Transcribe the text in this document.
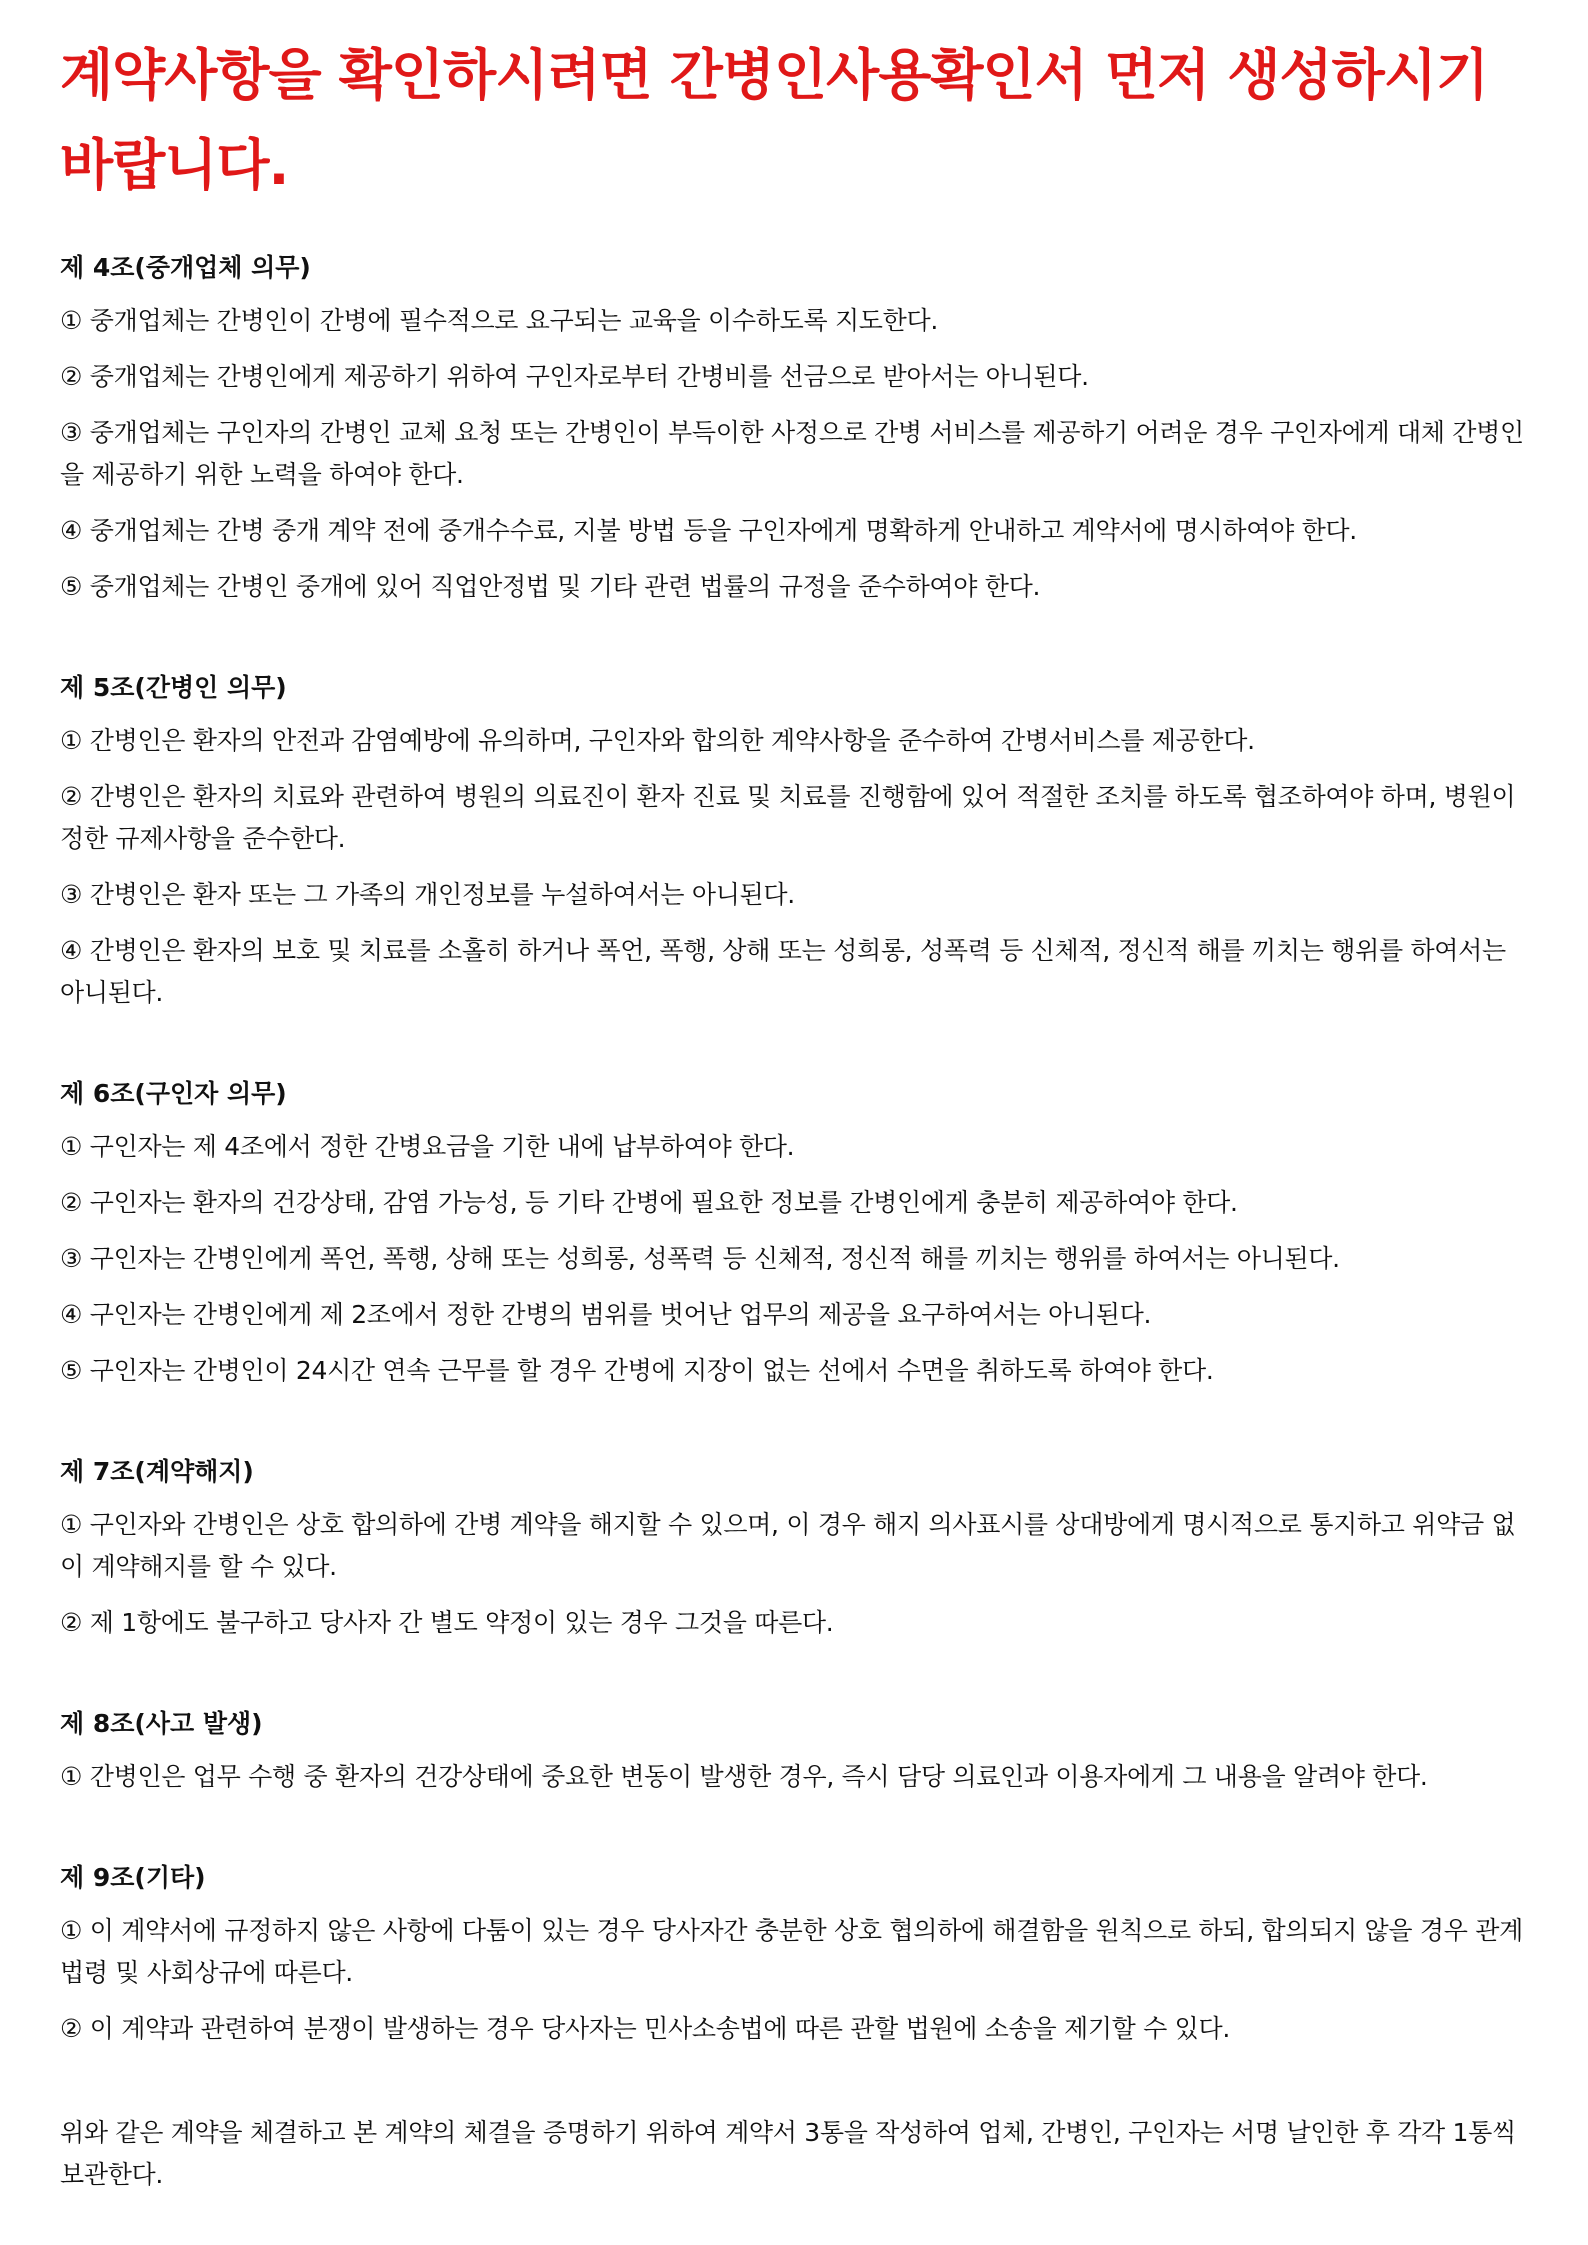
계약사항을 확인하시려면 간병인사용확인서 먼저 생성하시기 바랍니다.
제 4조(중개업체 의무)

① 중개업체는 간병인이 간병에 필수적으로 요구되는 교육을 이수하도록 지도한다.

② 중개업체는 간병인에게 제공하기 위하여 구인자로부터 간병비를 선금으로 받아서는 아니된다.

③ 중개업체는 구인자의 간병인 교체 요청 또는 간병인이 부득이한 사정으로 간병 서비스를 제공하기 어려운 경우 구인자에게 대체 간병인을 제공하기 위한 노력을 하여야 한다.

④ 중개업체는 간병 중개 계약 전에 중개수수료, 지불 방법 등을 구인자에게 명확하게 안내하고 계약서에 명시하여야 한다.

⑤ 중개업체는 간병인 중개에 있어 직업안정법 및 기타 관련 법률의 규정을 준수하여야 한다.

제 5조(간병인 의무)

① 간병인은 환자의 안전과 감염예방에 유의하며, 구인자와 합의한 계약사항을 준수하여 간병서비스를 제공한다.

② 간병인은 환자의 치료와 관련하여 병원의 의료진이 환자 진료 및 치료를 진행함에 있어 적절한 조치를 하도록 협조하여야 하며, 병원이 정한 규제사항을 준수한다.

③ 간병인은 환자 또는 그 가족의 개인정보를 누설하여서는 아니된다.

④ 간병인은 환자의 보호 및 치료를 소홀히 하거나 폭언, 폭행, 상해 또는 성희롱, 성폭력 등 신체적, 정신적 해를 끼치는 행위를 하여서는 아니된다.

제 6조(구인자 의무)

① 구인자는 제 4조에서 정한 간병요금을 기한 내에 납부하여야 한다.

② 구인자는 환자의 건강상태, 감염 가능성, 등 기타 간병에 필요한 정보를 간병인에게 충분히 제공하여야 한다.

③ 구인자는 간병인에게 폭언, 폭행, 상해 또는 성희롱, 성폭력 등 신체적, 정신적 해를 끼치는 행위를 하여서는 아니된다.

④ 구인자는 간병인에게 제 2조에서 정한 간병의 범위를 벗어난 업무의 제공을 요구하여서는 아니된다.

⑤ 구인자는 간병인이 24시간 연속 근무를 할 경우 간병에 지장이 없는 선에서 수면을 취하도록 하여야 한다.

제 7조(계약해지)

① 구인자와 간병인은 상호 합의하에 간병 계약을 해지할 수 있으며, 이 경우 해지 의사표시를 상대방에게 명시적으로 통지하고 위약금 없이 계약해지를 할 수 있다.

② 제 1항에도 불구하고 당사자 간 별도 약정이 있는 경우 그것을 따른다.

제 8조(사고 발생)

① 간병인은 업무 수행 중 환자의 건강상태에 중요한 변동이 발생한 경우, 즉시 담당 의료인과 이용자에게 그 내용을 알려야 한다.

제 9조(기타)

① 이 계약서에 규정하지 않은 사항에 다툼이 있는 경우 당사자간 충분한 상호 협의하에 해결함을 원칙으로 하되, 합의되지 않을 경우 관계 법령 및 사회상규에 따른다.

② 이 계약과 관련하여 분쟁이 발생하는 경우 당사자는 민사소송법에 따른 관할 법원에 소송을 제기할 수 있다.

위와 같은 계약을 체결하고 본 계약의 체결을 증명하기 위하여 계약서 3통을 작성하여 업체, 간병인, 구인자는 서명 날인한 후 각각 1통씩 보관한다.
